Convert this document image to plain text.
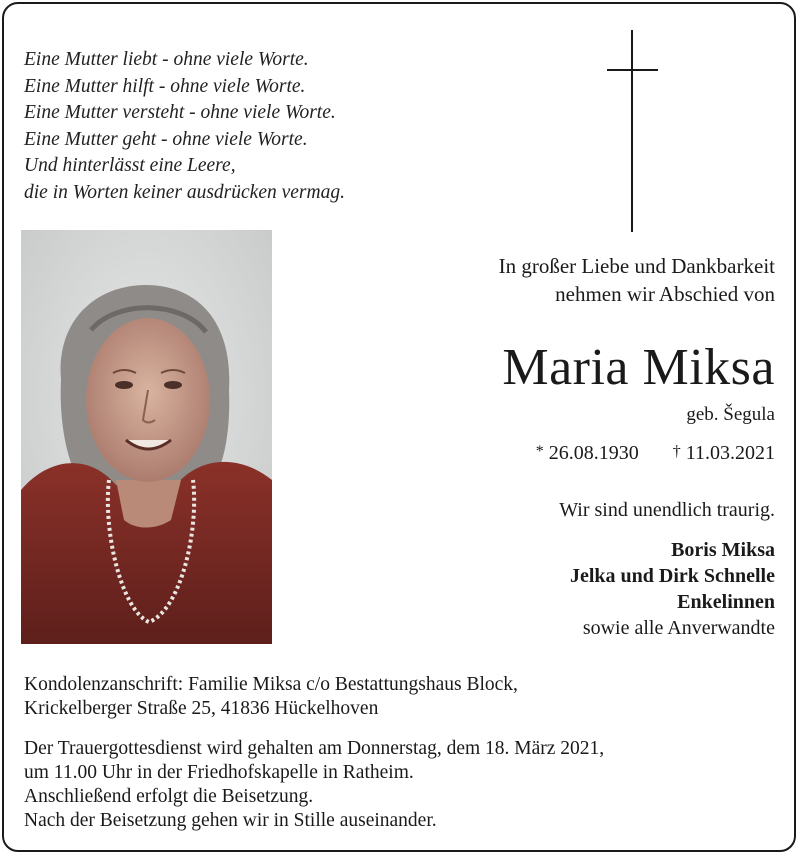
Eine Mutter liebt - ohne viele Worte.
Eine Mutter hilft - ohne viele Worte.
Eine Mutter versteht - ohne viele Worte.
Eine Mutter geht - ohne viele Worte.
Und hinterlässt eine Leere,
die in Worten keiner ausdrücken vermag.
In großer Liebe und Dankbarkeit
nehmen wir Abschied von
Maria Miksa
geb. Šegula
* 26.08.1930 † 11.03.2021
Wir sind unendlich traurig.
Boris Miksa
Jelka und Dirk Schnelle
Enkelinnen
sowie alle Anverwandte
Kondolenzanschrift: Familie Miksa c/o Bestattungshaus Block,
Krickelberger Straße 25, 41836 Hückelhoven
Der Trauergottesdienst wird gehalten am Donnerstag, dem 18. März 2021,
um 11.00 Uhr in der Friedhofskapelle in Ratheim.
Anschließend erfolgt die Beisetzung.
Nach der Beisetzung gehen wir in Stille auseinander.
